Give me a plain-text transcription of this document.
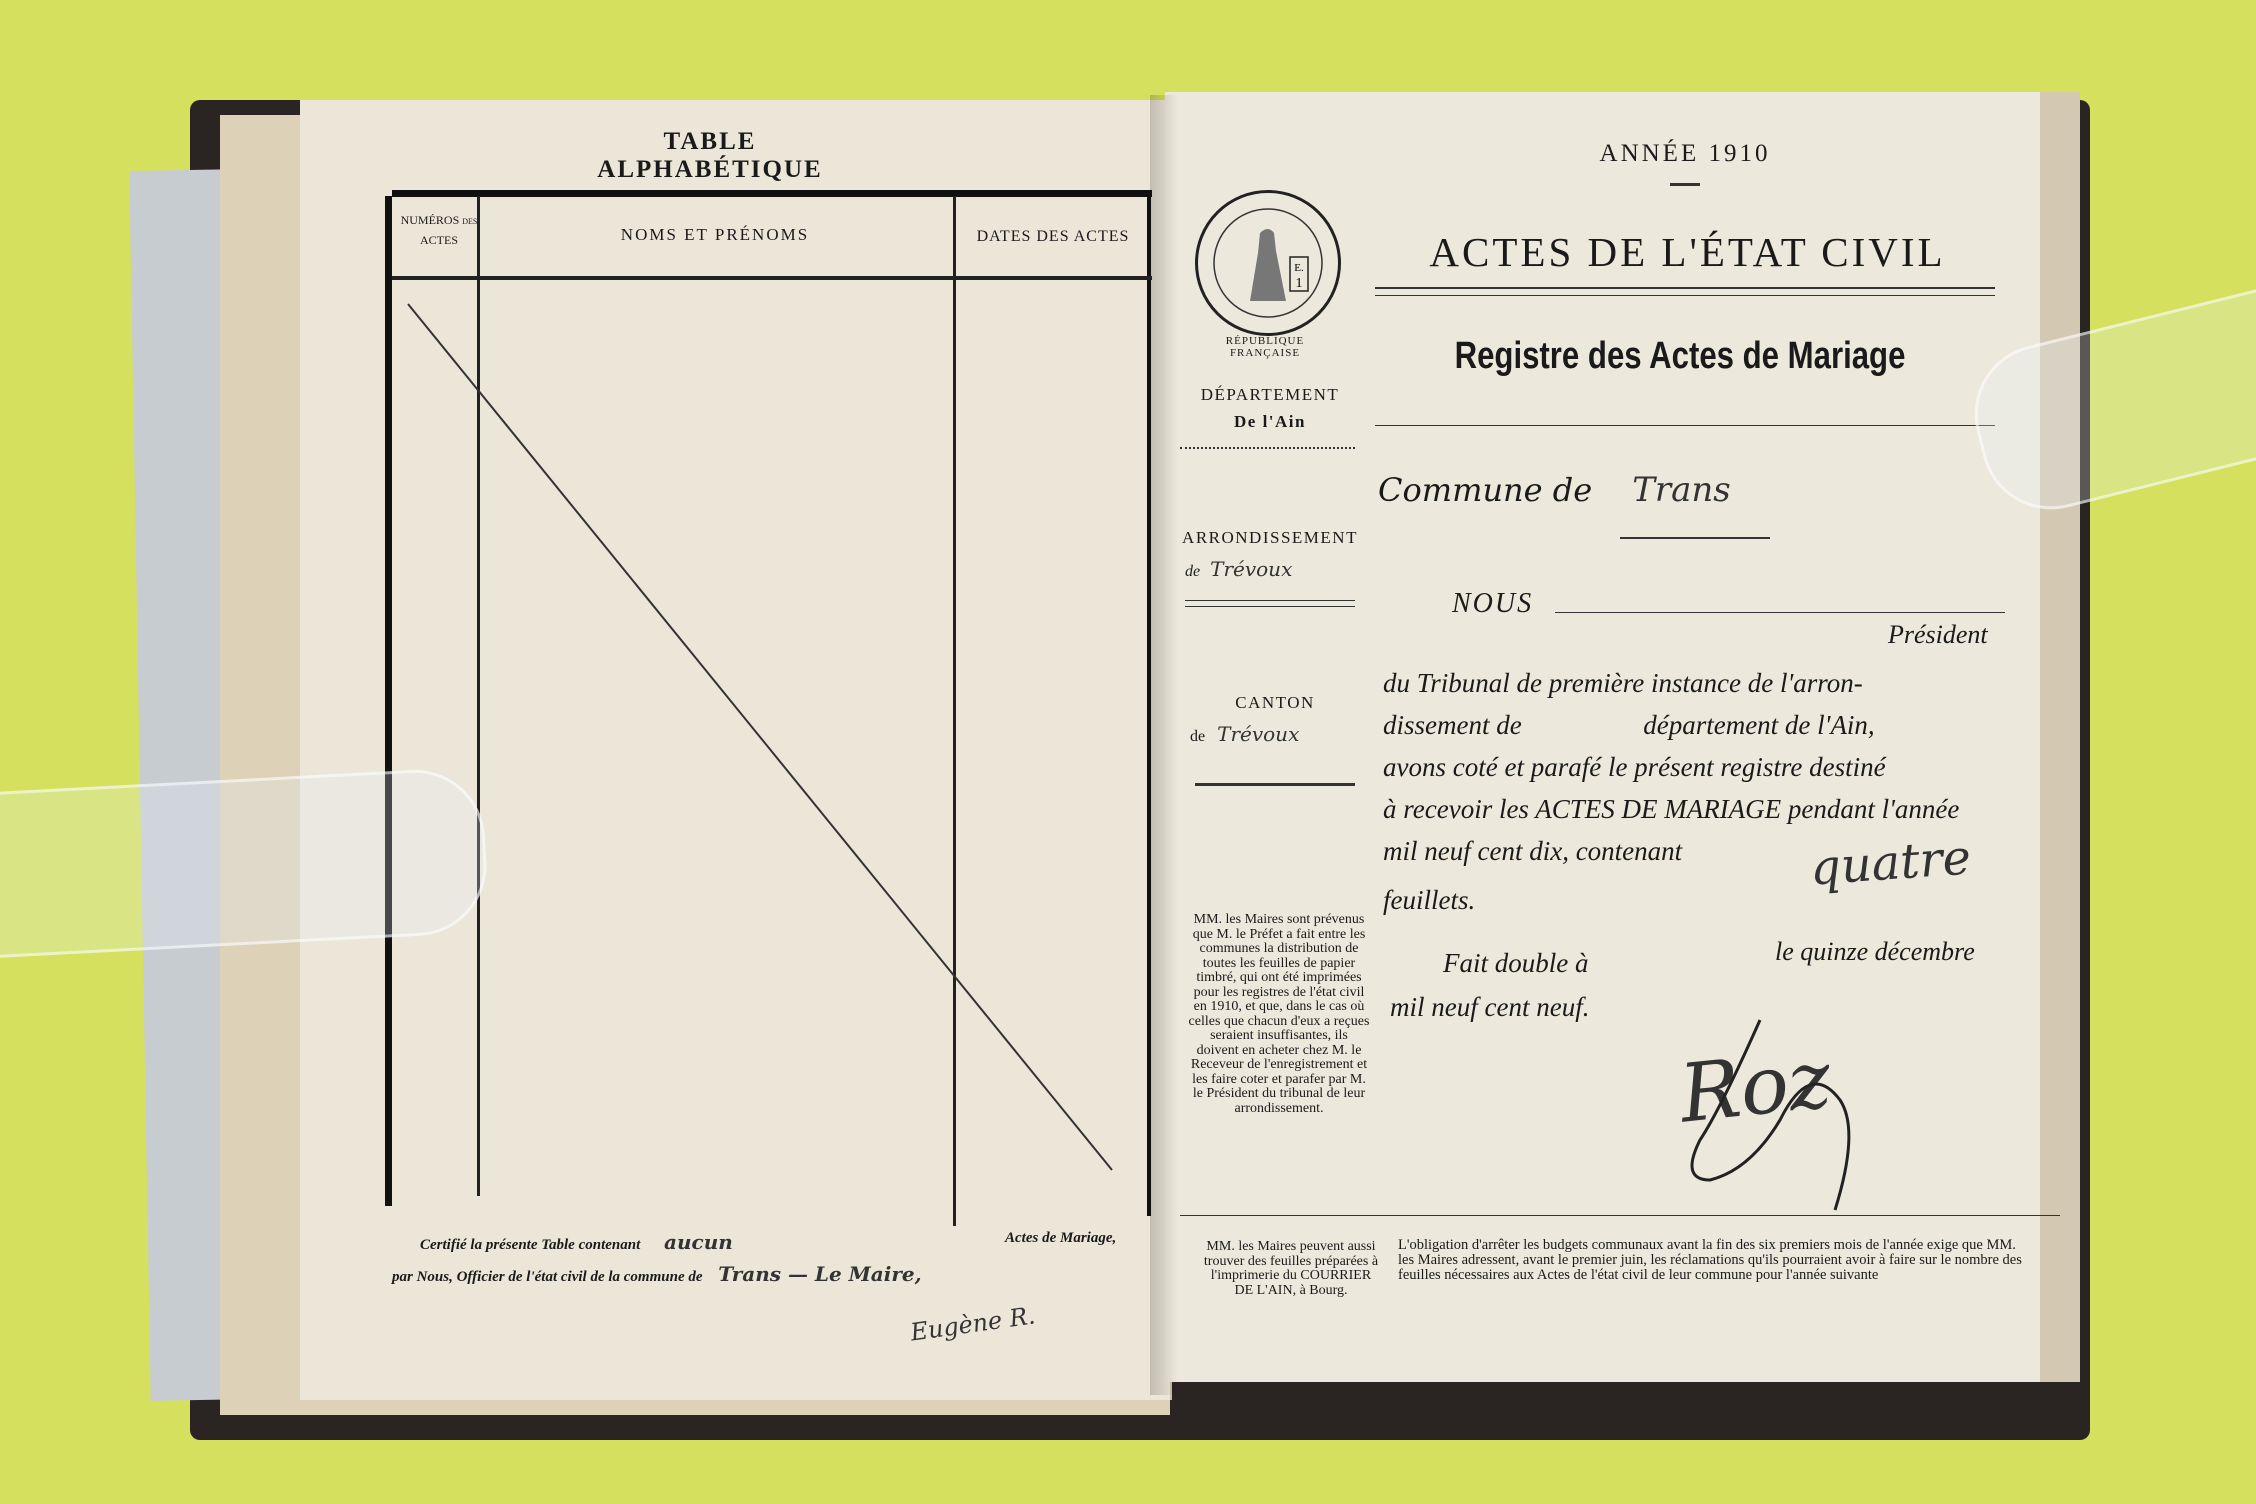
TABLE ALPHABÉTIQUE
NUMÉROS des ACTES	NOMS ET PRÉNOMS	DATES DES ACTES
Certifié la présente Table contenant aucun	Actes de Mariage,
par Nous, Officier de l'état civil de la commune de Trans — Le Maire,
Eugène R.
ANNÉE 1910
E.
1
RÉPUBLIQUE FRANÇAISE
ACTES DE L'ÉTAT CIVIL
Registre des Actes de Mariage
DÉPARTEMENT
De l'Ain
ARRONDISSEMENT
de Trévoux
CANTON
de Trévoux
Commune de Trans
NOUS
Président
du Tribunal de première instance de l'arron-
dissement de                  département de l'Ain,
avons coté et parafé le présent registre destiné
à recevoir les ACTES DE MARIAGE pendant l'année
mil neuf cent dix, contenant	quatre
feuillets.
Fait double à	le quinze décembre
mil neuf cent neuf.
Roz
MM. les Maires sont prévenus que M. le Préfet a fait entre les communes la distribution de toutes les feuilles de papier timbré, qui ont été imprimées pour les registres de l'état civil en 1910, et que, dans le cas où celles que chacun d'eux a reçues seraient insuffisantes, ils doivent en acheter chez M. le Receveur de l'enregistrement et les faire coter et parafer par M. le Président du tribunal de leur arrondissement.
MM. les Maires peuvent aussi trouver des feuilles préparées à l'imprimerie du COURRIER DE L'AIN, à Bourg.
L'obligation d'arrêter les budgets communaux avant la fin des six premiers mois de l'année exige que MM. les Maires adressent, avant le premier juin, les réclamations qu'ils pourraient avoir à faire sur le nombre des feuilles nécessaires aux Actes de l'état civil de leur commune pour l'année suivante
